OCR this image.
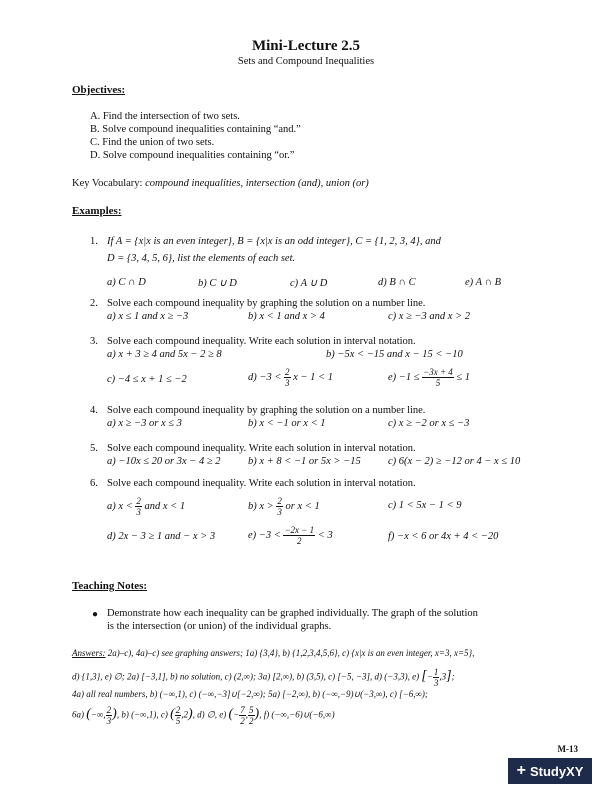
Mini-Lecture 2.5
Sets and Compound Inequalities
Objectives:
A. Find the intersection of two sets.
B. Solve compound inequalities containing “and.”
C. Find the union of two sets.
D. Solve compound inequalities containing “or.”
Key Vocabulary: compound inequalities, intersection (and), union (or)
Examples:
1. If A = {x|x is an even integer}, B = {x|x is an odd integer}, C = {1, 2, 3, 4}, and
D = {3, 4, 5, 6}, list the elements of each set.
a) C ∩ D	b) C ∪ D	c) A ∪ D	d) B ∩ C	e) A ∩ B
2. Solve each compound inequality by graphing the solution on a number line.
a) x ≤ 1 and x ≥ −3	b) x < 1 and x > 4	c) x ≥ −3 and x > 2
3. Solve each compound inequality. Write each solution in interval notation.
a) x + 3 ≥ 4 and 5x − 2 ≥ 8	b) −5x < −15 and x − 15 < −10
c) −4 ≤ x + 1 ≤ −2	$d) -3 < \frac{2}{3}$ x − 1 < 1	$e) -1 \le \frac{-3x + 4}{5} \le 1$
4. Solve each compound inequality by graphing the solution on a number line.
a) x ≥ −3 or x ≤ 3	b) x < −1 or x < 1	c) x ≥ −2 or x ≤ −3
5. Solve each compound inequality. Write each solution in interval notation.
a) −10x ≤ 20 or 3x − 4 ≥ 2	b) x + 8 < −1 or 5x > −15	c) 6(x − 2) ≥ −12 or 4 − x ≤ 10
6. Solve each compound inequality. Write each solution in interval notation.
a) $x < \frac{2}{3}$ and x < 1	b) $x > \frac{2}{3}$ or x < 1	c) 1 < 5x − 1 < 9
d) 2x − 3 ≥ 1 and − x > 3	$e) -3 < \frac{-2x - 1}{2} < 3$	f) −x < 6 or 4x + 4 < −20
Teaching Notes:
● Demonstrate how each inequality can be graphed individually. The graph of the solution
is the intersection (or union) of the individual graphs.
Answers: 2a)–c), 4a)–c) see graphing answers; 1a) {3,4}, b) {1,2,3,4,5,6}, c) {x|x is an even integer, x=3, x=5},
d) {1,3}, e) ∅; 2a) [−3,1], b) no solution, c) (2,∞); 3a) [2,∞), b) (3,5), c) [−5, −3], d) (−3,3), e) [− $\frac{1}{3} ,3$];
4a) all real numbers, b) (−∞,1), c) (−∞,−3]∪[−2,∞); 5a) [−2,∞), b) (−∞,−9)∪(−3,∞), c) [−6,∞);
6a) (−∞, $\frac{2}{3}$ ), b) (−∞,1), c) ( $\frac{2}{5} ,2$), d) ∅, e) (− $\frac{7}{2}$ , $\frac{5}{2}$ ), f) (−∞,−6)∪(−6,∞)
M-13
+ StudyXY
